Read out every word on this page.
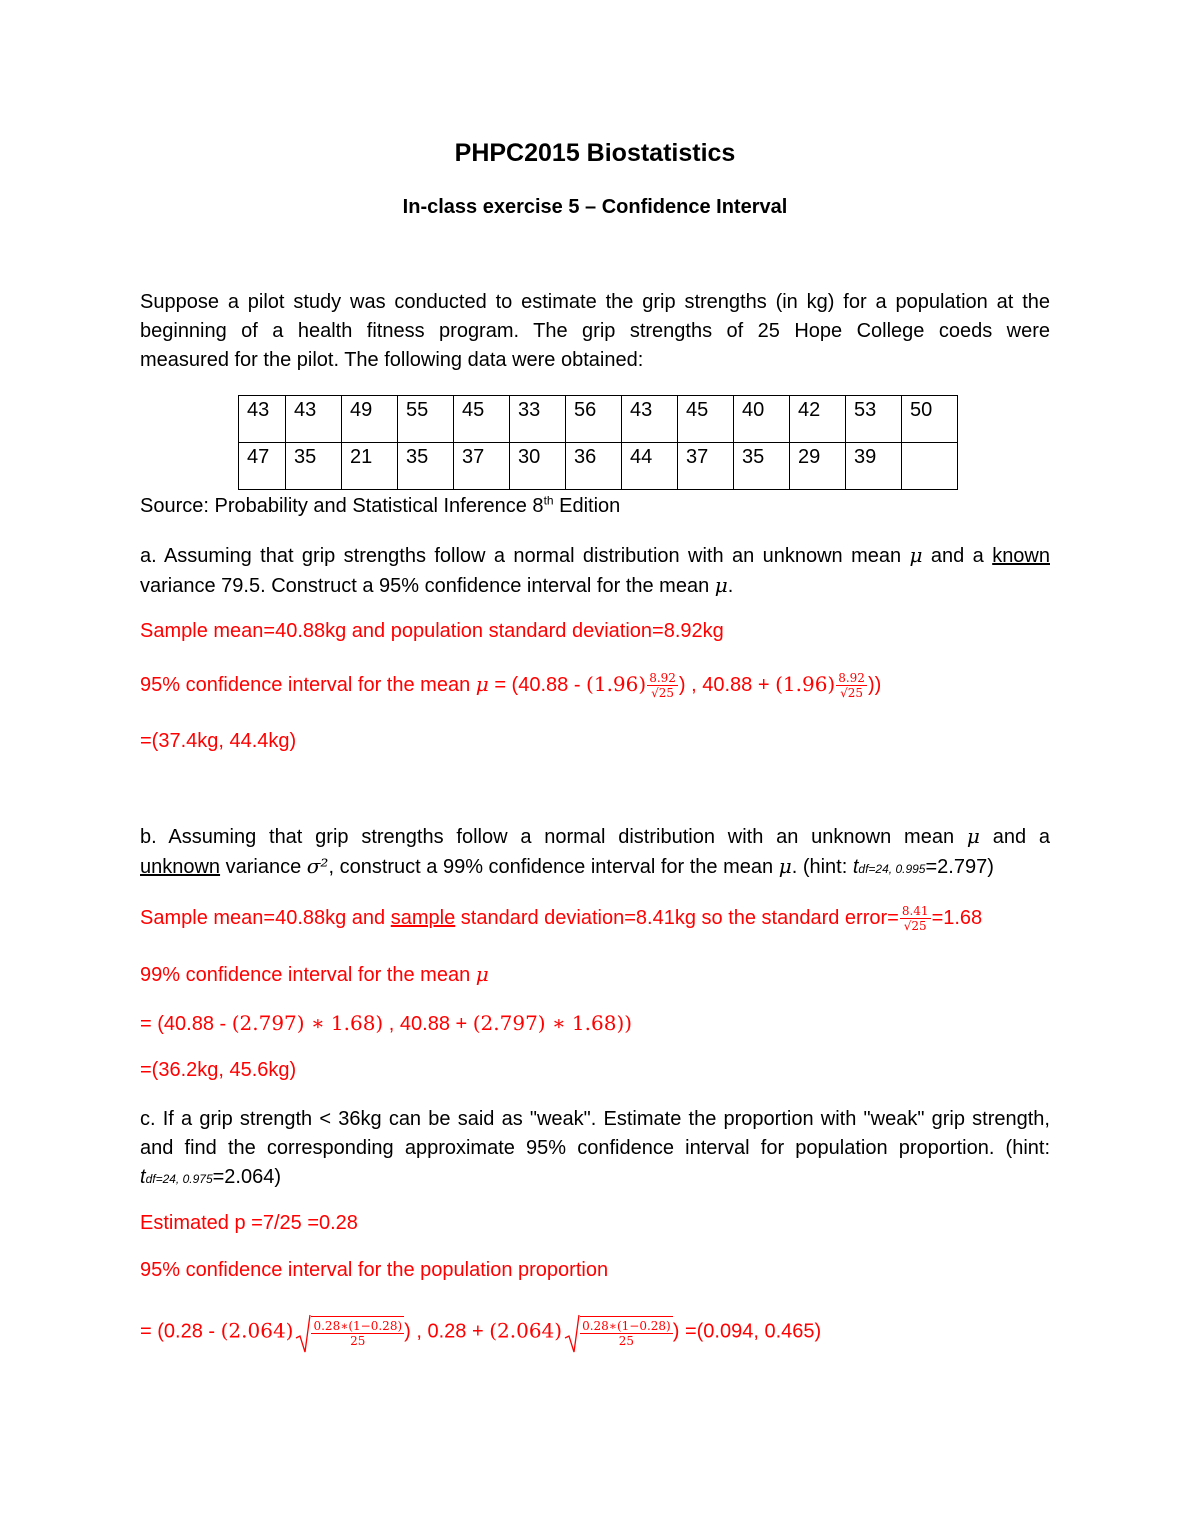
PHPC2015 Biostatistics
In-class exercise 5 – Confidence Interval
Suppose a pilot study was conducted to estimate the grip strengths (in kg) for a population at the
beginning of a health fitness program. The grip strengths of 25 Hope College coeds were
measured for the pilot. The following data were obtained:
43	43	49	55	45	33	56	43	45	40	42	53	50
47	35	21	35	37	30	36	44	37	35	29	39	
Source: Probability and Statistical Inference 8th Edition
a. Assuming that grip strengths follow a normal distribution with an unknown mean μ and a known
variance 79.5. Construct a 95% confidence interval for the mean μ.
Sample mean=40.88kg and population standard deviation=8.92kg
95% confidence interval for the mean $\mu = (40.88 - (1.96) \frac{8.92}{√25}$ ) , $40.88 + (1.96) \frac{8.92}{√25}$ ))
=(37.4kg, 44.4kg)
b. Assuming that grip strengths follow a normal distribution with an unknown mean μ and a
unknown variance σ², construct a 99% confidence interval for the mean μ. (hint: tdf=24, 0.995=2.797)
Sample mean=40.88kg and sample standard deviation=8.41kg so the standard error= $\frac{8.41}{√25} =1.68$
99% confidence interval for the mean μ
= (40.88 - (2.797) ∗ 1.68) , 40.88 + (2.797) ∗ 1.68))
=(36.2kg, 45.6kg)
c. If a grip strength < 36kg can be said as "weak". Estimate the proportion with "weak" grip strength,
and find the corresponding approximate 95% confidence interval for population proportion. (hint:
tdf=24, 0.975=2.064)
Estimated p =7/25 =0.28
95% confidence interval for the population proportion
= ($0.28 - (2.064) \frac{0.28∗(1-0.28)}{25}$ ) , $0.28 + (2.064) \frac{0.28∗(1-0.28)}{25}$ ) =(0.094, 0.465)
